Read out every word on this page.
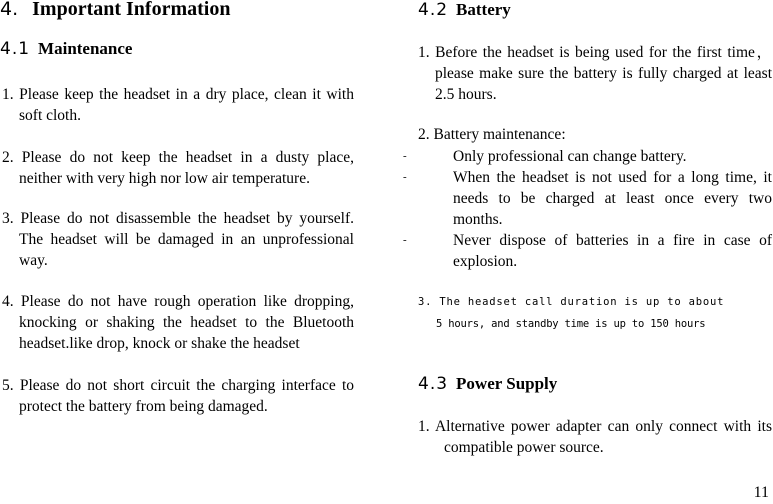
4. Important Information
4.1 Maintenance
1. Please keep the headset in a dry place, clean it with soft cloth.
2. Please do not keep the headset in a dusty place, neither with very high nor low air temperature.
3. Please do not disassemble the headset by yourself. The headset will be damaged in an unprofessional way.
4. Please do not have rough operation like dropping, knocking or shaking the headset to the Bluetooth headset.like drop, knock or shake the headset
5. Please do not short circuit the charging interface to protect the battery from being damaged.
4.2 Battery
1. Before the headset is being used for the first time， please make sure the battery is fully charged at least 2.5 hours.
2. Battery maintenance:
-	Only professional can change battery.
-	When the headset is not used for a long time, it needs to be charged at least once every two months.
-	Never dispose of batteries in a fire in case of explosion.
3. The headset call duration is up to about
5 hours, and standby time is up to 150 hours
4.3 Power Supply
1. Alternative power adapter can only connect with its compatible power source.
11
